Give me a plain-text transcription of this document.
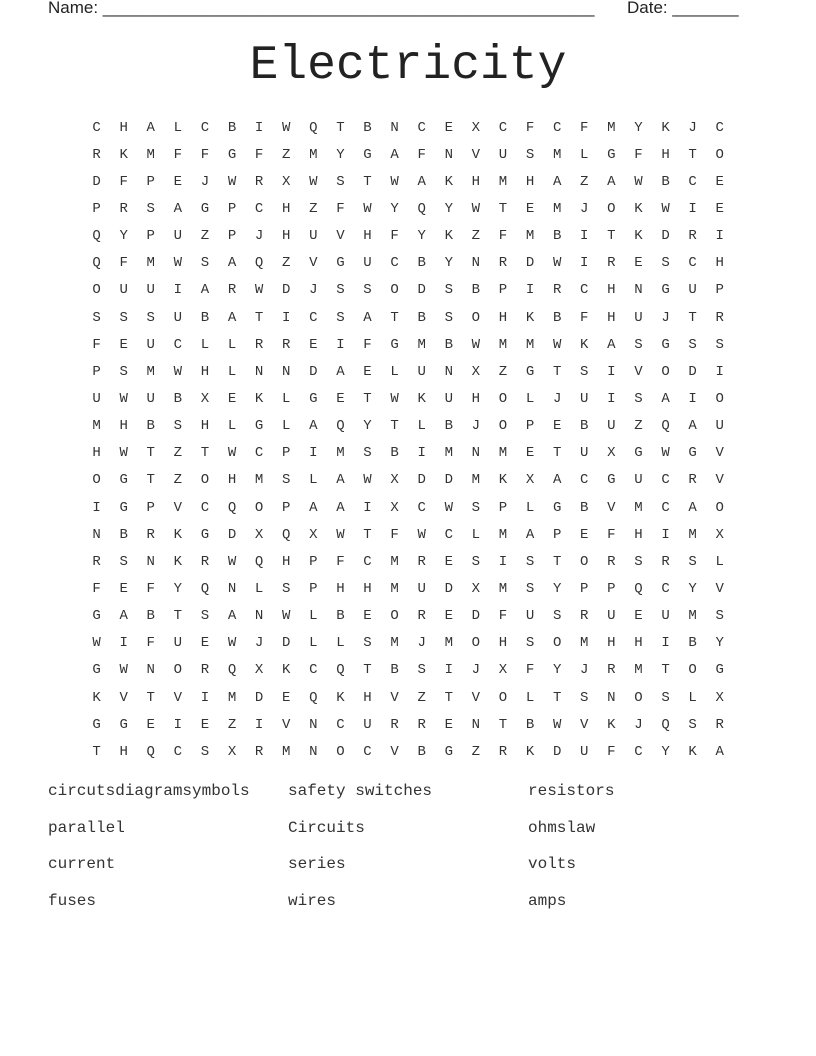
Name: ____________________________________________________ Date: _______
Electricity
C	H	A	L	C	B	I	W	Q	T	B	N	C	E	X	C	F	C	F	M	Y	K	J	C
R	K	M	F	F	G	F	Z	M	Y	G	A	F	N	V	U	S	M	L	G	F	H	T	O
D	F	P	E	J	W	R	X	W	S	T	W	A	K	H	M	H	A	Z	A	W	B	C	E
P	R	S	A	G	P	C	H	Z	F	W	Y	Q	Y	W	T	E	M	J	O	K	W	I	E
Q	Y	P	U	Z	P	J	H	U	V	H	F	Y	K	Z	F	M	B	I	T	K	D	R	I
Q	F	M	W	S	A	Q	Z	V	G	U	C	B	Y	N	R	D	W	I	R	E	S	C	H
O	U	U	I	A	R	W	D	J	S	S	O	D	S	B	P	I	R	C	H	N	G	U	P
S	S	S	U	B	A	T	I	C	S	A	T	B	S	O	H	K	B	F	H	U	J	T	R
F	E	U	C	L	L	R	R	E	I	F	G	M	B	W	M	M	W	K	A	S	G	S	S
P	S	M	W	H	L	N	N	D	A	E	L	U	N	X	Z	G	T	S	I	V	O	D	I
U	W	U	B	X	E	K	L	G	E	T	W	K	U	H	O	L	J	U	I	S	A	I	O
M	H	B	S	H	L	G	L	A	Q	Y	T	L	B	J	O	P	E	B	U	Z	Q	A	U
H	W	T	Z	T	W	C	P	I	M	S	B	I	M	N	M	E	T	U	X	G	W	G	V
O	G	T	Z	O	H	M	S	L	A	W	X	D	D	M	K	X	A	C	G	U	C	R	V
I	G	P	V	C	Q	O	P	A	A	I	X	C	W	S	P	L	G	B	V	M	C	A	O
N	B	R	K	G	D	X	Q	X	W	T	F	W	C	L	M	A	P	E	F	H	I	M	X
R	S	N	K	R	W	Q	H	P	F	C	M	R	E	S	I	S	T	O	R	S	R	S	L
F	E	F	Y	Q	N	L	S	P	H	H	M	U	D	X	M	S	Y	P	P	Q	C	Y	V
G	A	B	T	S	A	N	W	L	B	E	O	R	E	D	F	U	S	R	U	E	U	M	S
W	I	F	U	E	W	J	D	L	L	S	M	J	M	O	H	S	O	M	H	H	I	B	Y
G	W	N	O	R	Q	X	K	C	Q	T	B	S	I	J	X	F	Y	J	R	M	T	O	G
K	V	T	V	I	M	D	E	Q	K	H	V	Z	T	V	O	L	T	S	N	O	S	L	X
G	G	E	I	E	Z	I	V	N	C	U	R	R	E	N	T	B	W	V	K	J	Q	S	R
T	H	Q	C	S	X	R	M	N	O	C	V	B	G	Z	R	K	D	U	F	C	Y	K	A
circutsdiagramsymbols	safety switches	resistors
parallel	Circuits	ohmslaw
current	series	volts
fuses	wires	amps
